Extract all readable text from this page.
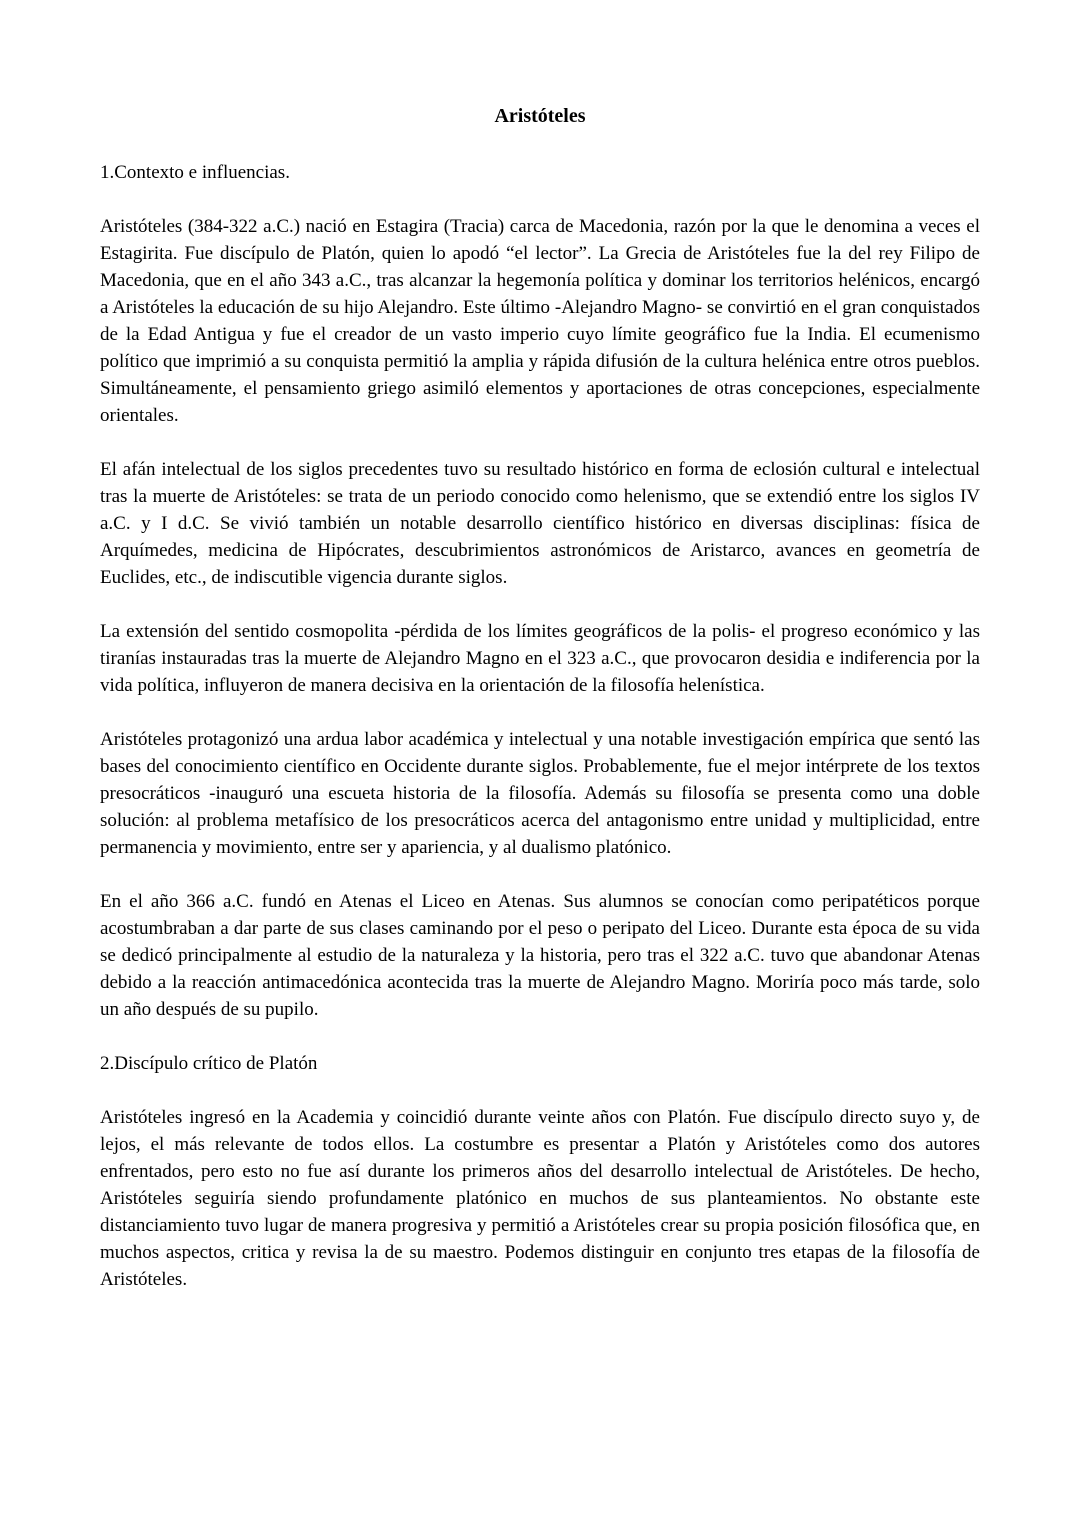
Aristóteles
1.Contexto e influencias.

Aristóteles (384-322 a.C.) nació en Estagira (Tracia) carca de Macedonia, razón por la que le denomina a veces el Estagirita. Fue discípulo de Platón, quien lo apodó “el lector”. La Grecia de Aristóteles fue la del rey Filipo de Macedonia, que en el año 343 a.C., tras alcanzar la hegemonía política y dominar los territorios helénicos, encargó a Aristóteles la educación de su hijo Alejandro. Este último -Alejandro Magno- se convirtió en el gran conquistados de la Edad Antigua y fue el creador de un vasto imperio cuyo límite geográfico fue la India. El ecumenismo político que imprimió a su conquista permitió la amplia y rápida difusión de la cultura helénica entre otros pueblos. Simultáneamente, el pensamiento griego asimiló elementos y aportaciones de otras concepciones, especialmente orientales.

El afán intelectual de los siglos precedentes tuvo su resultado histórico en forma de eclosión cultural e intelectual tras la muerte de Aristóteles: se trata de un periodo conocido como helenismo, que se extendió entre los siglos IV a.C. y I d.C. Se vivió también un notable desarrollo científico histórico en diversas disciplinas: física de Arquímedes, medicina de Hipócrates, descubrimientos astronómicos de Aristarco, avances en geometría de Euclides, etc., de indiscutible vigencia durante siglos.

La extensión del sentido cosmopolita -pérdida de los límites geográficos de la polis- el progreso económico y las tiranías instauradas tras la muerte de Alejandro Magno en el 323 a.C., que provocaron desidia e indiferencia por la vida política, influyeron de manera decisiva en la orientación de la filosofía helenística.

Aristóteles protagonizó una ardua labor académica y intelectual y una notable investigación empírica que sentó las bases del conocimiento científico en Occidente durante siglos. Probablemente, fue el mejor intérprete de los textos presocráticos -inauguró una escueta historia de la filosofía. Además su filosofía se presenta como una doble solución: al problema metafísico de los presocráticos acerca del antagonismo entre unidad y multiplicidad, entre permanencia y movimiento, entre ser y apariencia, y al dualismo platónico.

En el año 366 a.C. fundó en Atenas el Liceo en Atenas. Sus alumnos se conocían como peripatéticos porque acostumbraban a dar parte de sus clases caminando por el peso o peripato del Liceo. Durante esta época de su vida se dedicó principalmente al estudio de la naturaleza y la historia, pero tras el 322 a.C. tuvo que abandonar Atenas debido a la reacción antimacedónica acontecida tras la muerte de Alejandro Magno. Moriría poco más tarde, solo un año después de su pupilo.

2.Discípulo crítico de Platón

Aristóteles ingresó en la Academia y coincidió durante veinte años con Platón. Fue discípulo directo suyo y, de lejos, el más relevante de todos ellos. La costumbre es presentar a Platón y Aristóteles como dos autores enfrentados, pero esto no fue así durante los primeros años del desarrollo intelectual de Aristóteles. De hecho, Aristóteles seguiría siendo profundamente platónico en muchos de sus planteamientos. No obstante este distanciamiento tuvo lugar de manera progresiva y permitió a Aristóteles crear su propia posición filosófica que, en muchos aspectos, critica y revisa la de su maestro. Podemos distinguir en conjunto tres etapas de la filosofía de Aristóteles.
